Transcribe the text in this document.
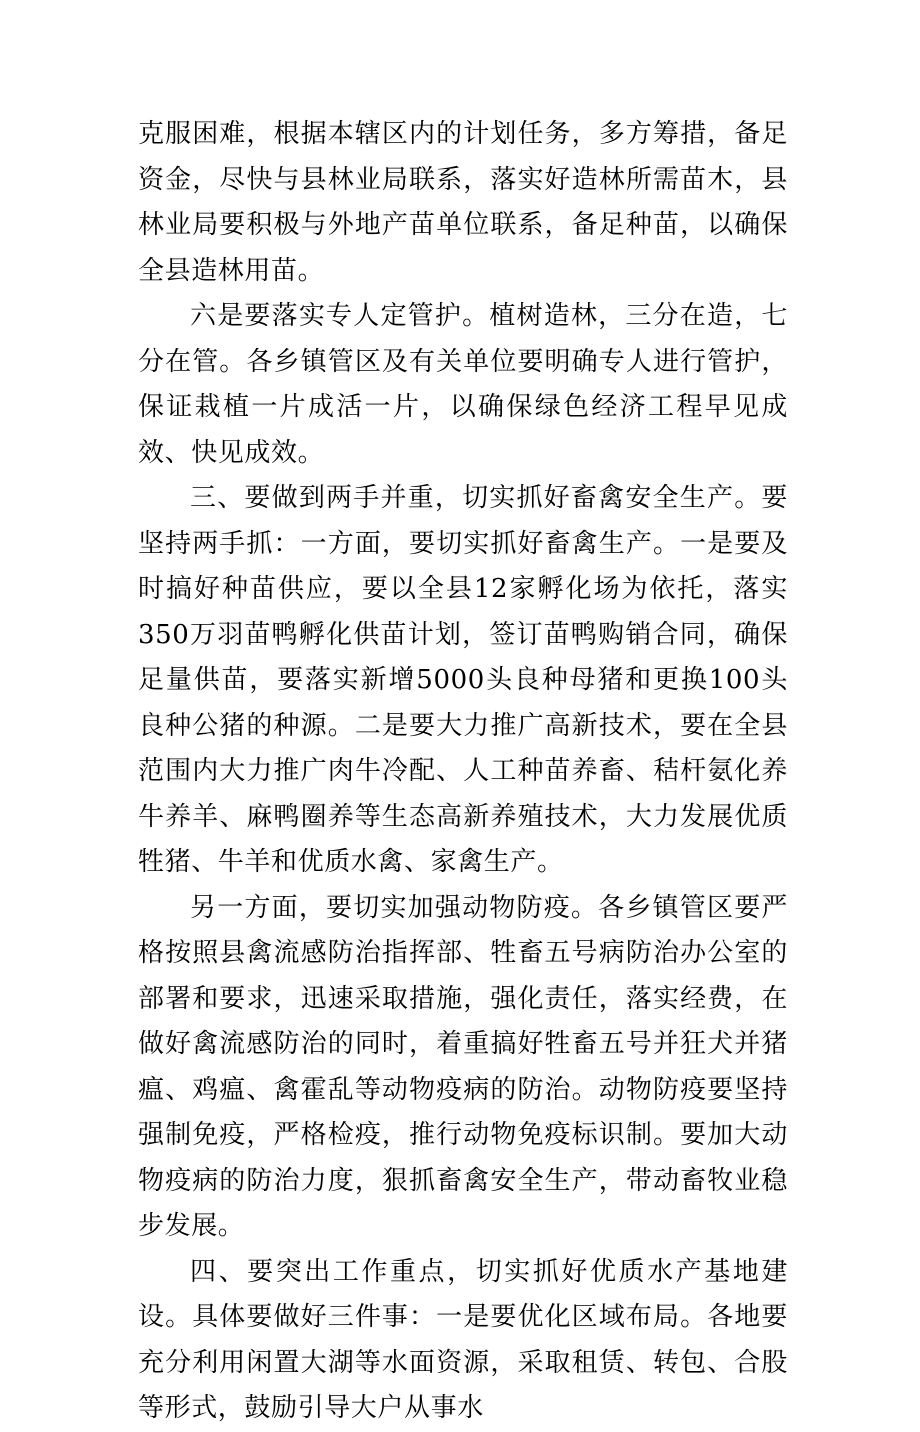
克服困难，根据本辖区内的计划任务，多方筹措，备足资金，尽快与县林业局联系，落实好造林所需苗木，县林业局要积极与外地产苗单位联系，备足种苗，以确保全县造林用苗。

六是要落实专人定管护。植树造林，三分在造，七分在管。各乡镇管区及有关单位要明确专人进行管护，保证栽植一片成活一片，以确保绿色经济工程早见成效、快见成效。

三、要做到两手并重，切实抓好畜禽安全生产。要坚持两手抓：一方面，要切实抓好畜禽生产。一是要及时搞好种苗供应，要以全县12家孵化场为依托，落实350万羽苗鸭孵化供苗计划，签订苗鸭购销合同，确保足量供苗，要落实新增5000头良种母猪和更换100头良种公猪的种源。二是要大力推广高新技术，要在全县范围内大力推广肉牛冷配、人工种苗养畜、秸杆氨化养牛养羊、麻鸭圈养等生态高新养殖技术，大力发展优质牲猪、牛羊和优质水禽、家禽生产。

另一方面，要切实加强动物防疫。各乡镇管区要严格按照县禽流感防治指挥部、牲畜五号病防治办公室的部署和要求，迅速采取措施，强化责任，落实经费，在做好禽流感防治的同时，着重搞好牲畜五号并狂犬并猪瘟、鸡瘟、禽霍乱等动物疫病的防治。动物防疫要坚持强制免疫，严格检疫，推行动物免疫标识制。要加大动物疫病的防治力度，狠抓畜禽安全生产，带动畜牧业稳步发展。

四、要突出工作重点，切实抓好优质水产基地建设。具体要做好三件事：一是要优化区域布局。各地要充分利用闲置大湖等水面资源，采取租赁、转包、合股等形式，鼓励引导大户从事水
